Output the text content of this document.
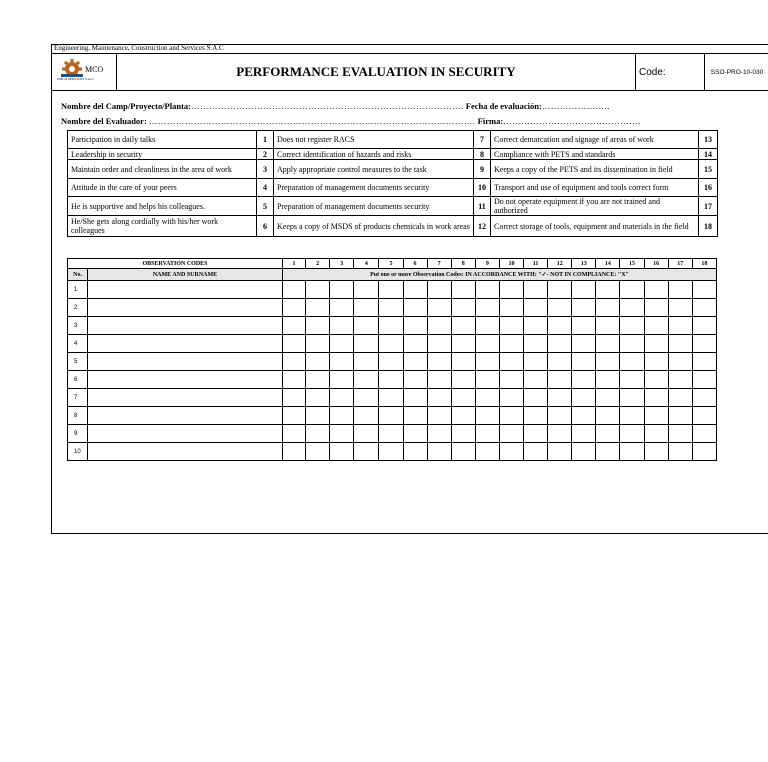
Engineering, Maintenance, Construction and Services S.A.C
MCO
EMCO SERVICES S.A.C.	PERFORMANCE EVALUATION IN SECURITY	Code:	SSO-PRO-10-030
Nombre del Camp/Proyecto/Planta:………………………………………………………………………………. Fecha de evaluación:……………….….
Nombre del Evaluador: ………………………………………………………………………………………………. Firma:……………………………………….
Participation in daily talks	1	Does not register RACS	7	Correct demarcation and signage of areas of work	13
Leadership in security	2	Correct identification of hazards and risks	8	Compliance with PETS and standards	14
Maintain order and cleanliness in the area of work	3	Apply appropriate control measures to the task	9	Keeps a copy of the PETS and its dissemination in field	15
Attitude in the care of your peers	4	Preparation of management documents security	10	Transport and use of equipment and tools correct form	16
He is supportive and helps his colleagues.	5	Preparation of management documents security	11	Do not operate equipment if you are not trained and authorized	17
He/She gets along cordially with his/her work colleagues	6	Keeps a copy of MSDS of products chemicals in work areas	12	Correct storage of tools, equipment and materials in the field	18
OBSERVATION CODES		1	2	3	4	5	6	7	8	9	10	11	12	13	14	15	16	17	18
No.	NAME AND SURNAME	Put one or more Observation Codes: IN ACCORDANCE WITH: "✓- NOT IN COMPLIANCE: "X"																	
1																			
2																			
3																			
4																			
5																			
6																			
7																			
8																			
9																			
10																			
